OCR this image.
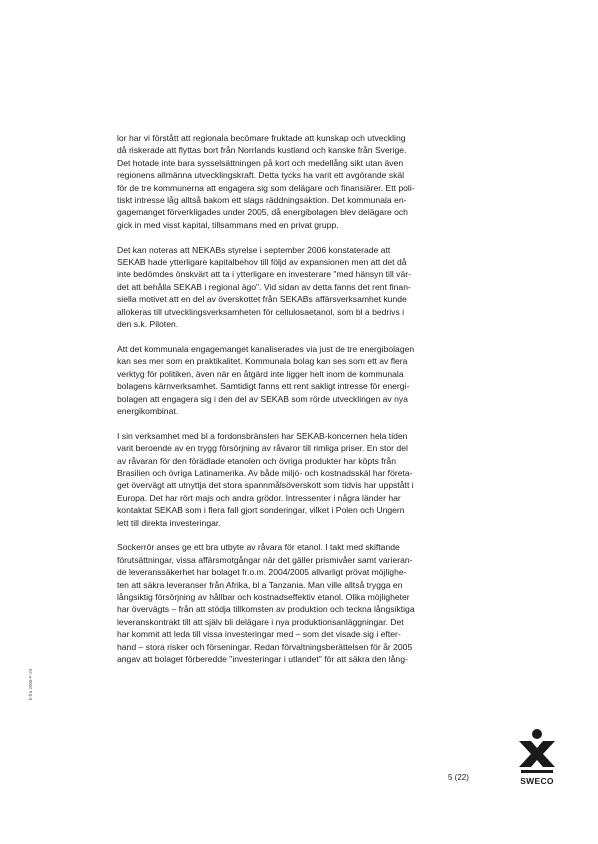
lor har vi förstått att regionala becömare fruktade att kunskap och utveckling
då riskerade att flyttas bort från Norrlands kustland och kanske från Sverige.
Det hotade inte bara sysselsättningen på kort och medellång sikt utan även
regionens allmänna utvecklingskraft. Detta tycks ha varit ett avgörande skäl
för de tre kommunerna att engagera sig som delägare och finansiärer. Ett poli-
tiskt intresse låg alltså bakom ett slags räddningsaktion. Det kommunala en-
gagemanget förverkligades under 2005, då energibolagen blev delägare och
gick in med visst kapital, tillsammans med en privat grupp.
Det kan noteras att NEKABs styrelse i september 2006 konstaterade att
SEKAB hade ytterligare kapitalbehov till följd av expansionen men att det då
inte bedömdes önskvärt att ta i ytterligare en investerare "med hänsyn till vär-
det att behålla SEKAB i regional ägo". Vid sidan av detta fanns det rent finan-
siella motivet att en del av överskottet från SEKABs affärsverksamhet kunde
allokeras till utvecklingsverksamheten för cellulosaetanol, som bl a bedrivs i
den s.k. Piloten.
Att det kommunala engagemanget kanaliserades via just de tre energibolagen
kan ses mer som en praktikalitet. Kommunala bolag kan ses som ett av flera
verktyg för politiken, även när en åtgärd inte ligger helt inom de kommunala
bolagens kärnverksamhet. Samtidigt fanns ett rent sakligt intresse för energi-
bolagen att engagera sig i den del av SEKAB som rörde utvecklingen av nya
energikombinat.
I sin verksamhet med bl a fordonsbränslen har SEKAB-koncernen hela tiden
varit beroende av en trygg försörjning av råvaror till rimliga priser. En stor del
av råvaran för den förädlade etanolen och övriga produkter har köpts från
Brasilien och övriga Latinamerika. Av både miljö- och kostnadsskäl har företa-
get övervägt att utnyttja det stora spannmålsöverskott som tidvis har uppstått i
Europa. Det har rört majs och andra grödor. Intressenter i några länder har
kontaktat SEKAB som i flera fall gjort sonderingar, vilket i Polen och Ungern
lett till direkta investeringar.
Sockerrör anses ge ett bra utbyte av råvara för etanol. I takt med skiftande
förutsättningar, vissa affärsmotgångar när det gäller prismivåer samt varieran-
de leveranssäkerhet har bolaget fr.o.m. 2004/2005 allvarligt prövat möjlighe-
ten att säkra leveranser från Afrika, bl a Tanzania. Man ville alltså trygga en
långsiktig försörjning av hållbar och kostnadseffektiv etanol. Olika möjligheter
har övervägts – från att stödja tillkomsten av produktion och teckna långsiktiga
leveranskontrakt till att själv bli delägare i nya produktionsanläggningar. Det
har kommit att leda till vissa investeringar med – som det visade sig i efter-
hand – stora risker och förseningar. Redan förvaltningsberättelsen för år 2005
angav att bolaget förberedde "investeringar i utlandet" för att säkra den lång-
b-fra 2006-F-23
5 (22)	SWECO
